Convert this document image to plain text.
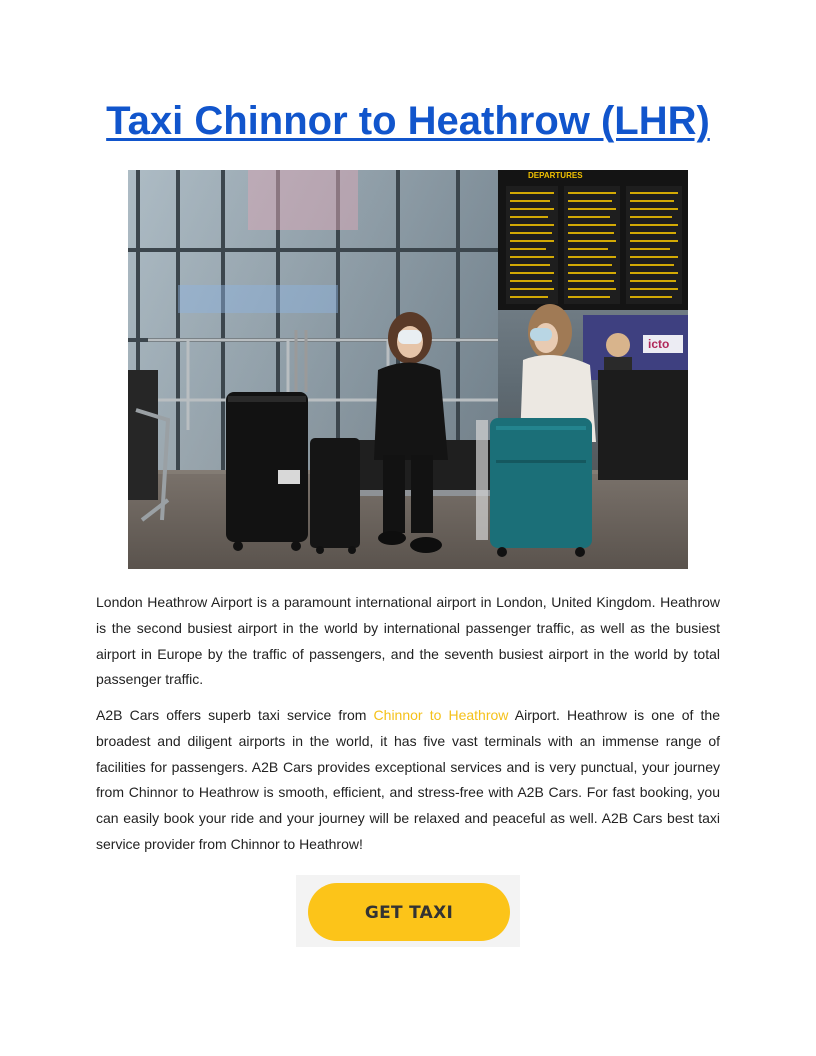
Taxi Chinnor to Heathrow (LHR)
DEPARTURES
icto

London Heathrow Airport is a paramount international airport in London, United Kingdom. Heathrow is the second busiest airport in the world by international passenger traffic, as well as the busiest airport in Europe by the traffic of passengers, and the seventh busiest airport in the world by total passenger traffic.

A2B Cars offers superb taxi service from Chinnor to Heathrow Airport. Heathrow is one of the broadest and diligent airports in the world, it has five vast terminals with an immense range of facilities for passengers. A2B Cars provides exceptional services and is very punctual, your journey from Chinnor to Heathrow is smooth, efficient, and stress-free with A2B Cars. For fast booking, you can easily book your ride and your journey will be relaxed and peaceful as well. A2B Cars best taxi service provider from Chinnor to Heathrow!

GET TAXI
